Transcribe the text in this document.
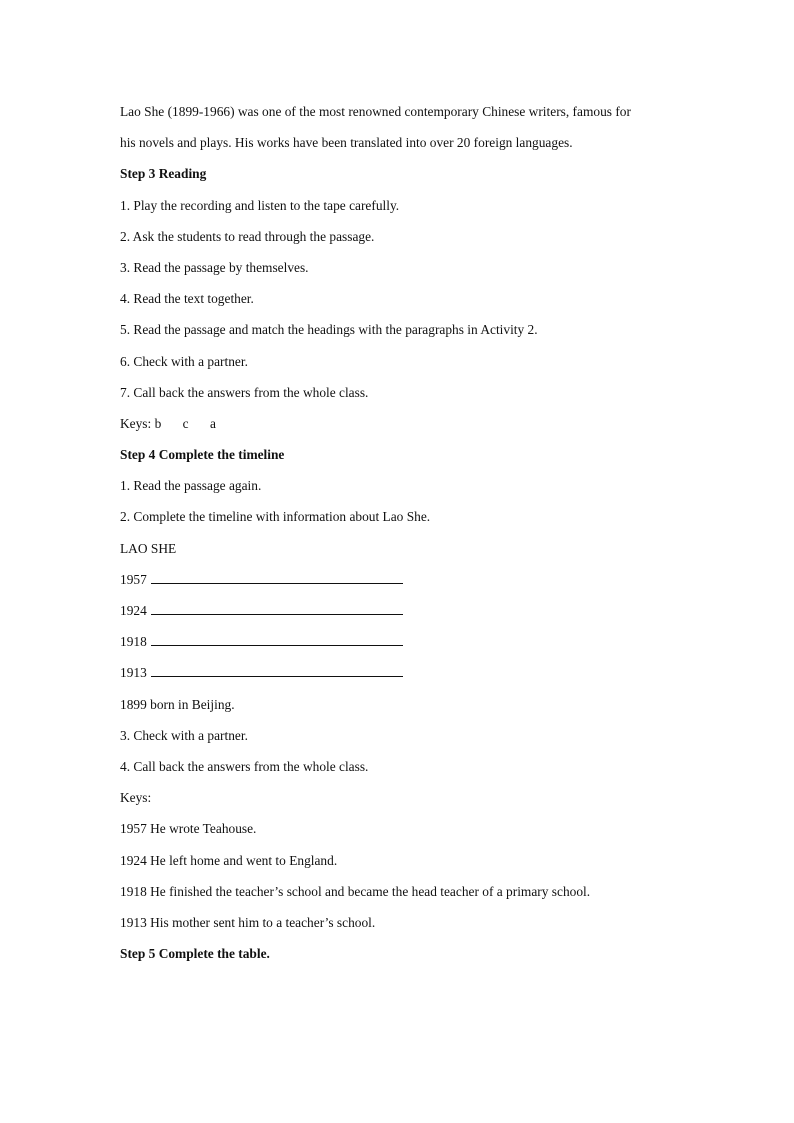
Lao She (1899-1966) was one of the most renowned contemporary Chinese writers, famous for
his novels and plays. His works have been translated into over 20 foreign languages.
Step 3 Reading
1. Play the recording and listen to the tape carefully.
2. Ask the students to read through the passage.
3. Read the passage by themselves.
4. Read the text together.
5. Read the passage and match the headings with the paragraphs in Activity 2.
6. Check with a partner.
7. Call back the answers from the whole class.
Keys: b c a
Step 4 Complete the timeline
1. Read the passage again.
2. Complete the timeline with information about Lao She.
LAO SHE
1957
1924
1918
1913
1899 born in Beijing.
3. Check with a partner.
4. Call back the answers from the whole class.
Keys:
1957 He wrote Teahouse.
1924 He left home and went to England.
1918 He finished the teacher’s school and became the head teacher of a primary school.
1913 His mother sent him to a teacher’s school.
Step 5 Complete the table.
